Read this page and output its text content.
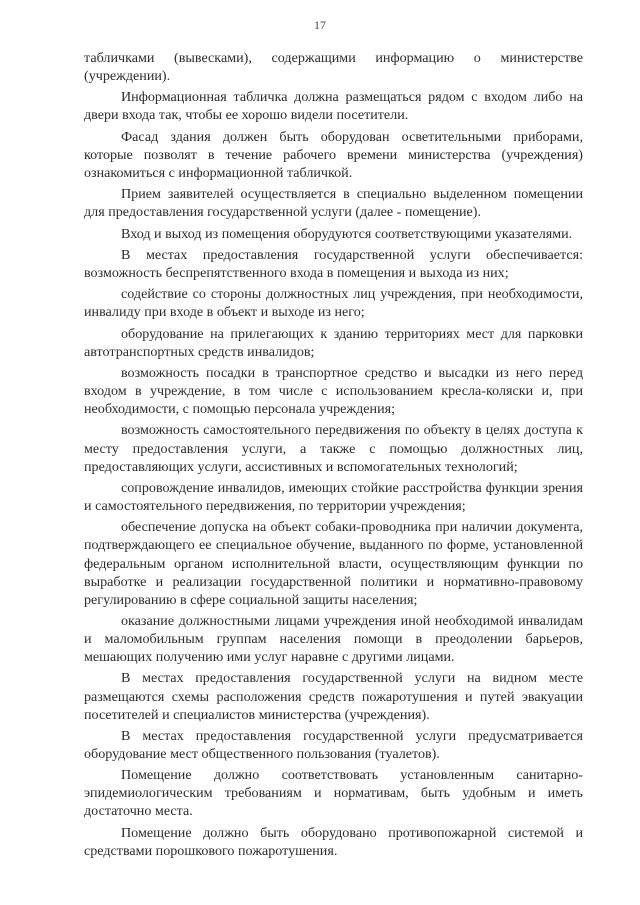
17

табличками (вывесками), содержащими информацию о министерстве (учреждении).

Информационная табличка должна размещаться рядом с входом либо на двери входа так, чтобы ее хорошо видели посетители.

Фасад здания должен быть оборудован осветительными приборами, которые позволят в течение рабочего времени министерства (учреждения) ознакомиться с информационной табличкой.

Прием заявителей осуществляется в специально выделенном помещении для предоставления государственной услуги (далее - помещение).

Вход и выход из помещения оборудуются соответствующими указателями.

В местах предоставления государственной услуги обеспечивается: возможность беспрепятственного входа в помещения и выхода из них;

содействие со стороны должностных лиц учреждения, при необходимости, инвалиду при входе в объект и выходе из него;

оборудование на прилегающих к зданию территориях мест для парковки автотранспортных средств инвалидов;

возможность посадки в транспортное средство и высадки из него перед входом в учреждение, в том числе с использованием кресла-коляски и, при необходимости, с помощью персонала учреждения;

возможность самостоятельного передвижения по объекту в целях доступа к месту предоставления услуги, а также с помощью должностных лиц, предоставляющих услуги, ассистивных и вспомогательных технологий;

сопровождение инвалидов, имеющих стойкие расстройства функции зрения и самостоятельного передвижения, по территории учреждения;

обеспечение допуска на объект собаки-проводника при наличии документа, подтверждающего ее специальное обучение, выданного по форме, установленной федеральным органом исполнительной власти, осуществляющим функции по выработке и реализации государственной политики и нормативно-правовому регулированию в сфере социальной защиты населения;

оказание должностными лицами учреждения иной необходимой инвалидам и маломобильным группам населения помощи в преодолении барьеров, мешающих получению ими услуг наравне с другими лицами.

В местах предоставления государственной услуги на видном месте размещаются схемы расположения средств пожаротушения и путей эвакуации посетителей и специалистов министерства (учреждения).

В местах предоставления государственной услуги предусматривается оборудование мест общественного пользования (туалетов).

Помещение должно соответствовать установленным санитарно-эпидемиологическим требованиям и нормативам, быть удобным и иметь достаточно места.

Помещение должно быть оборудовано противопожарной системой и средствами порошкового пожаротушения.
